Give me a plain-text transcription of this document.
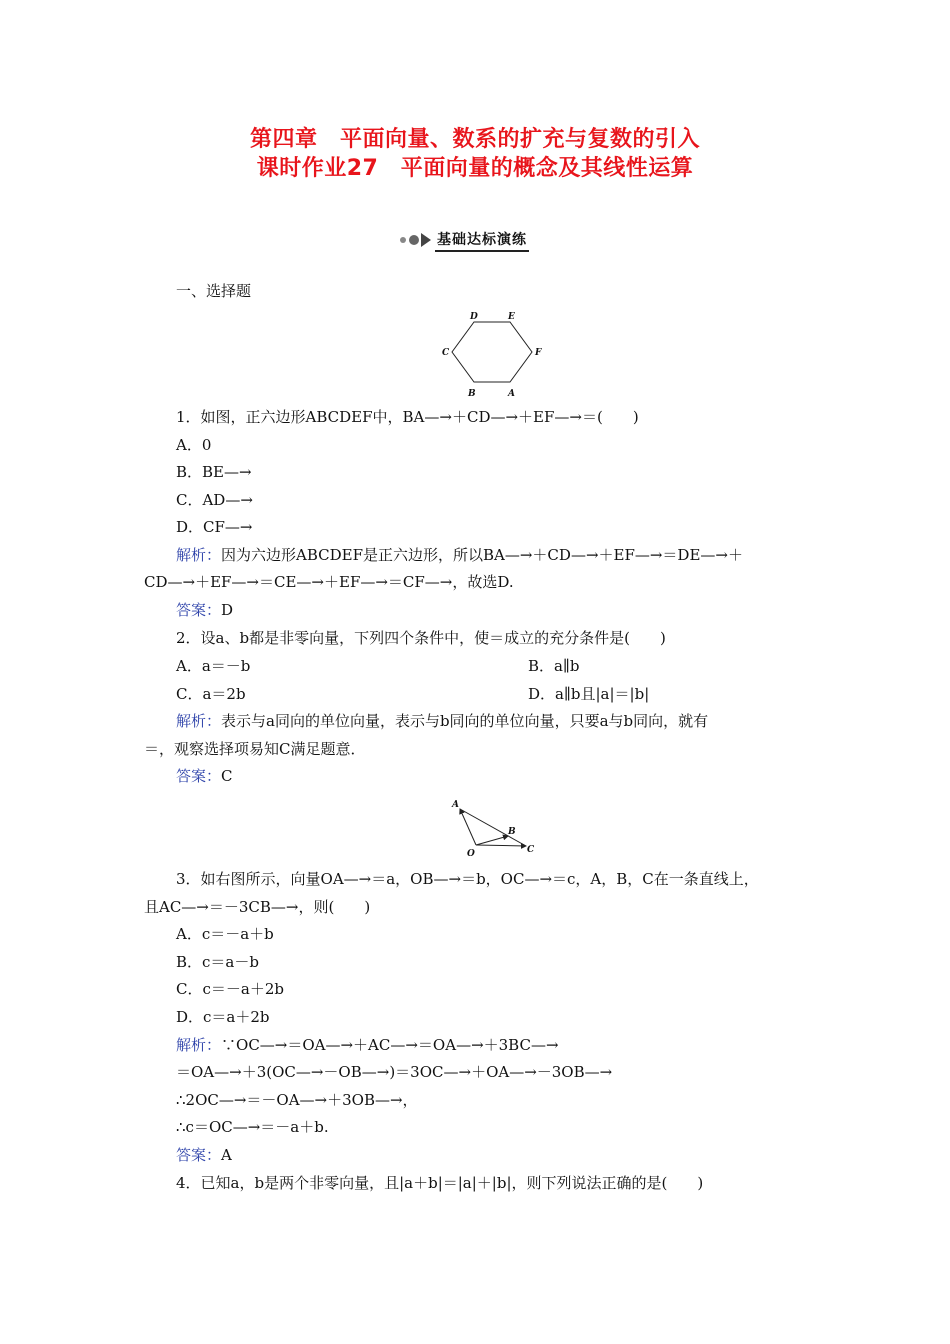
第四章　平面向量、数系的扩充与复数的引入
课时作业27　平面向量的概念及其线性运算
基础达标演练
一、选择题
A
B
C
D	E
F
1．如图，正六边形ABCDEF中，BA—→＋CD—→＋EF—→＝(　　)
A．0
B．BE—→
C．AD—→
D．CF—→
解析：因为六边形ABCDEF是正六边形，所以BA—→＋CD—→＋EF—→＝DE—→＋
CD—→＋EF—→＝CE—→＋EF—→＝CF—→，故选D.
答案：D
2．设a、b都是非零向量，下列四个条件中，使＝成立的充分条件是(　　)
A．a＝－b	B．a∥b
C．a＝2b	D．a∥b且|a|＝|b|
解析：表示与a同向的单位向量，表示与b同向的单位向量，只要a与b同向，就有
＝，观察选择项易知C满足题意．
答案：C
A
B
C
O
3．如右图所示，向量OA—→＝a，OB—→＝b，OC—→＝c，A，B，C在一条直线上，
且AC—→＝－3CB—→，则(　　)
A．c＝－a＋b
B．c＝a－b
C．c＝－a＋2b
D．c＝a＋2b
解析：∵OC—→＝OA—→＋AC—→＝OA—→＋3BC—→
＝OA—→＋3(OC—→－OB—→)＝3OC—→＋OA—→－3OB—→
∴2OC—→＝－OA—→＋3OB—→，
∴c＝OC—→＝－a＋b.
答案：A
4．已知a，b是两个非零向量，且|a＋b|＝|a|＋|b|，则下列说法正确的是(　　)
